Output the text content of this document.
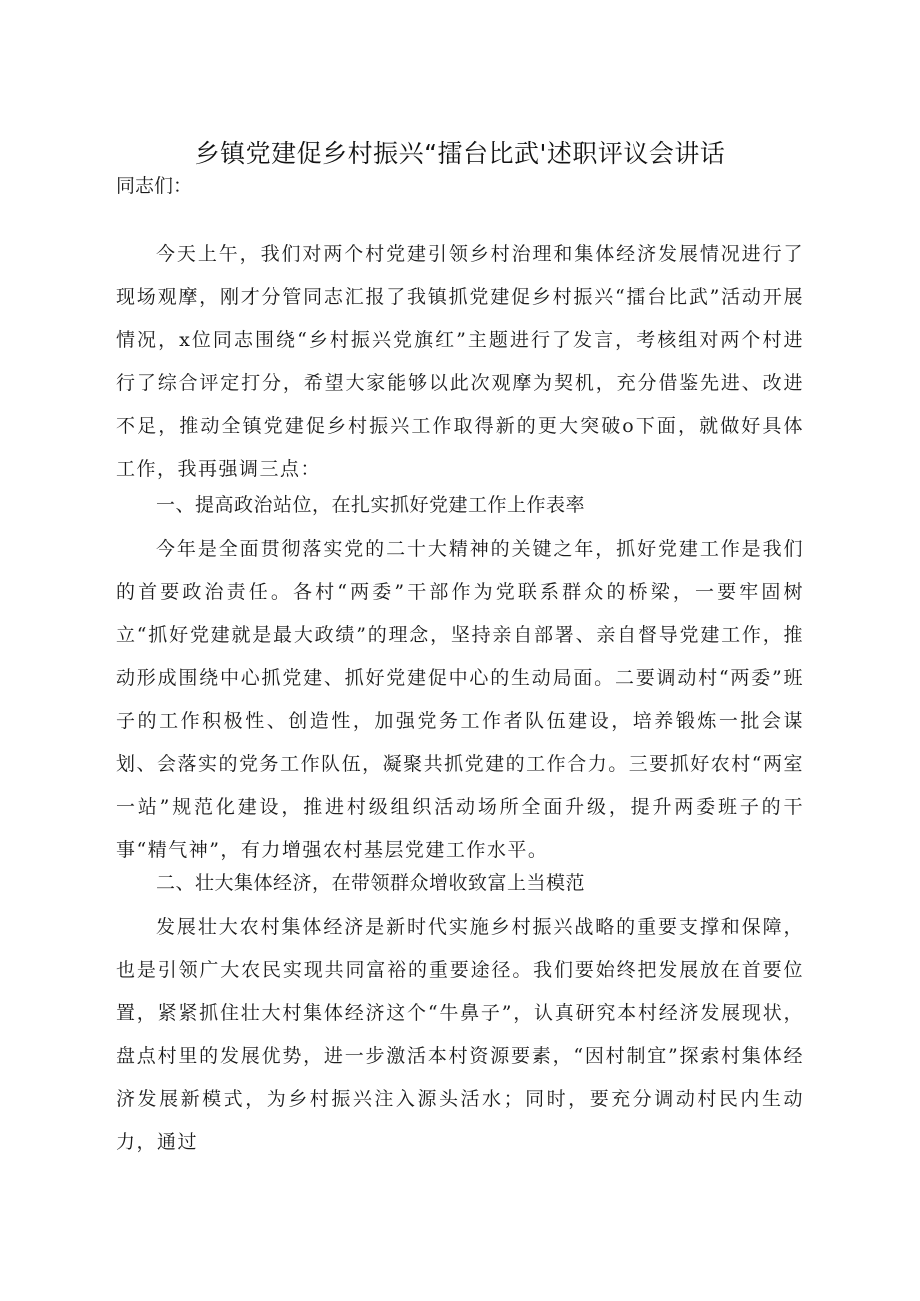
乡镇党建促乡村振兴“擂台比武'述职评议会讲话
同志们：

今天上午，我们对两个村党建引领乡村治理和集体经济发展情况进行了现场观摩，刚才分管同志汇报了我镇抓党建促乡村振兴“擂台比武”活动开展情况，x位同志围绕“乡村振兴党旗红”主题进行了发言，考核组对两个村进行了综合评定打分，希望大家能够以此次观摩为契机，充分借鉴先进、改进不足，推动全镇党建促乡村振兴工作取得新的更大突破o下面，就做好具体工作，我再强调三点：

一、提高政治站位，在扎实抓好党建工作上作表率

今年是全面贯彻落实党的二十大精神的关键之年，抓好党建工作是我们的首要政治责任。各村“两委”干部作为党联系群众的桥梁，一要牢固树立“抓好党建就是最大政绩”的理念，坚持亲自部署、亲自督导党建工作，推动形成围绕中心抓党建、抓好党建促中心的生动局面。二要调动村“两委”班子的工作积极性、创造性，加强党务工作者队伍建设，培养锻炼一批会谋划、会落实的党务工作队伍，凝聚共抓党建的工作合力。三要抓好农村“两室一站”规范化建设，推进村级组织活动场所全面升级，提升两委班子的干事“精气神”，有力增强农村基层党建工作水平。

二、壮大集体经济，在带领群众增收致富上当模范

发展壮大农村集体经济是新时代实施乡村振兴战略的重要支撑和保障，也是引领广大农民实现共同富裕的重要途径。我们要始终把发展放在首要位置，紧紧抓住壮大村集体经济这个“牛鼻子”，认真研究本村经济发展现状，盘点村里的发展优势，进一步激活本村资源要素，“因村制宜”探索村集体经济发展新模式，为乡村振兴注入源头活水；同时，要充分调动村民内生动力，通过
